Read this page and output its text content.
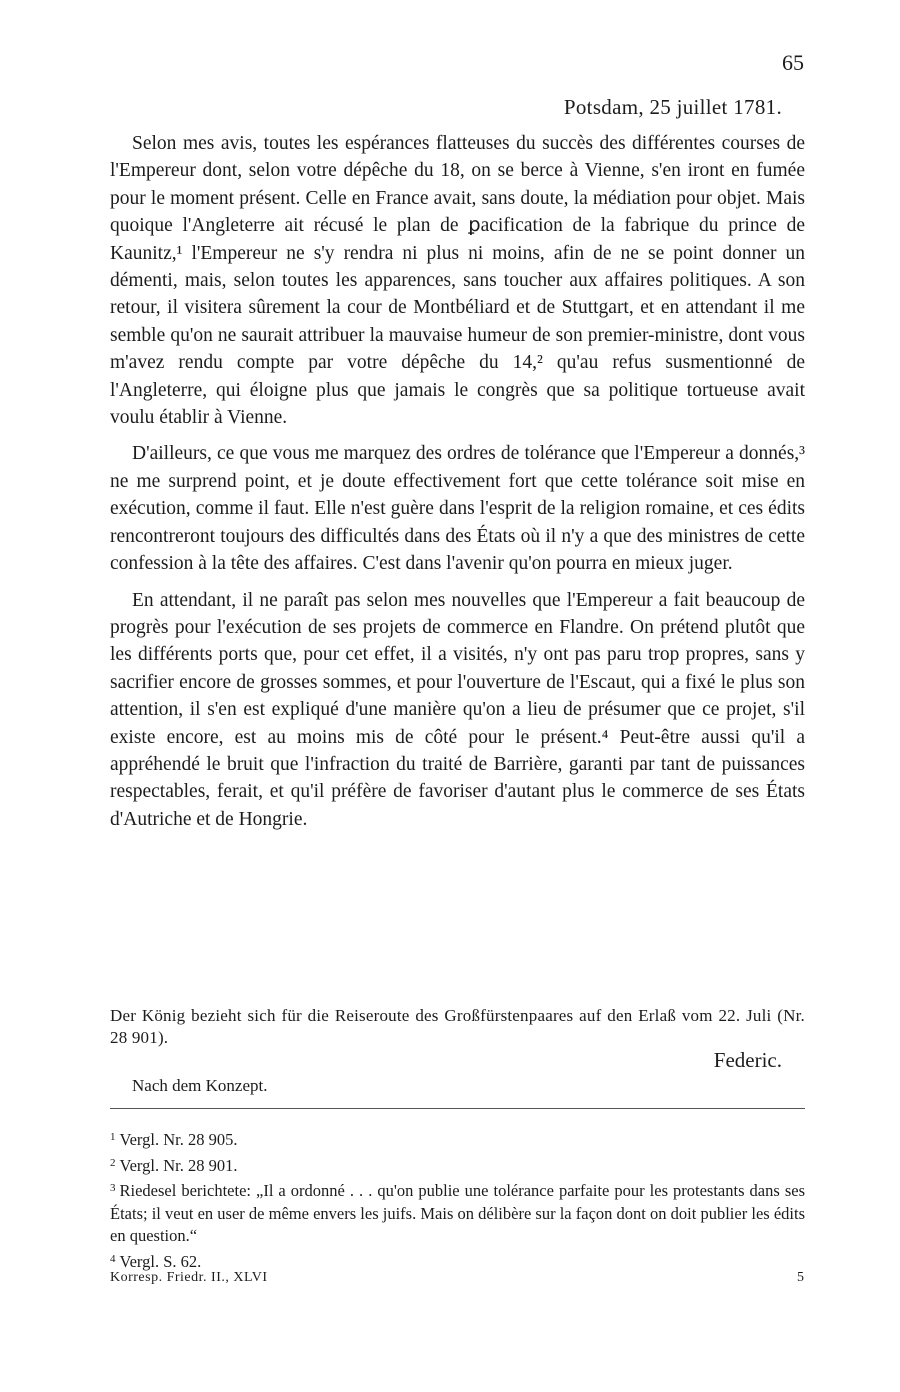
65
Potsdam, 25 juillet 1781.

Selon mes avis, toutes les espérances flatteuses du succès des différentes courses de l'Empereur dont, selon votre dépêche du 18, on se berce à Vienne, s'en iront en fumée pour le moment présent. Celle en France avait, sans doute, la médiation pour objet. Mais quoique l'Angleterre ait récusé le plan de ꝑacification de la fabrique du prince de Kaunitz,¹ l'Empereur ne s'y rendra ni plus ni moins, afin de ne se point donner un démenti, mais, selon toutes les apparences, sans toucher aux affaires politiques. A son retour, il visitera sûrement la cour de Montbéliard et de Stuttgart, et en attendant il me semble qu'on ne saurait attribuer la mauvaise humeur de son premier-ministre, dont vous m'avez rendu compte par votre dépêche du 14,² qu'au refus susmentionné de l'Angleterre, qui éloigne plus que jamais le congrès que sa politique tortueuse avait voulu établir à Vienne.

D'ailleurs, ce que vous me marquez des ordres de tolérance que l'Empereur a donnés,³ ne me surprend point, et je doute effectivement fort que cette tolérance soit mise en exécution, comme il faut. Elle n'est guère dans l'esprit de la religion romaine, et ces édits rencontreront toujours des difficultés dans des États où il n'y a que des ministres de cette confession à la tête des affaires. C'est dans l'avenir qu'on pourra en mieux juger.

En attendant, il ne paraît pas selon mes nouvelles que l'Empereur a fait beaucoup de progrès pour l'exécution de ses projets de commerce en Flandre. On prétend plutôt que les différents ports que, pour cet effet, il a visités, n'y ont pas paru trop propres, sans y sacrifier encore de grosses sommes, et pour l'ouverture de l'Escaut, qui a fixé le plus son attention, il s'en est expliqué d'une manière qu'on a lieu de présumer que ce projet, s'il existe encore, est au moins mis de côté pour le présent.⁴ Peut-être aussi qu'il a appréhendé le bruit que l'infraction du traité de Barrière, garanti par tant de puissances respectables, ferait, et qu'il préfère de favoriser d'autant plus le commerce de ses États d'Autriche et de Hongrie.

Der König bezieht sich für die Reiseroute des Großfürstenpaares auf den Erlaß vom 22. Juli (Nr. 28 901).
Federic.
Nach dem Konzept.

$^1$ Vergl. Nr. 28 905.

$^2$ Vergl. Nr. 28 901.

$^3$ Riedesel berichtete: „Il a ordonné . . . qu'on publie une tolérance parfaite pour les protestants dans ses États; il veut en user de même envers les juifs. Mais on délibère sur la façon dont on doit publier les édits en question.“

$^4$ Vergl. S. 62.

Korresp. Friedr. II., XLVI	5
